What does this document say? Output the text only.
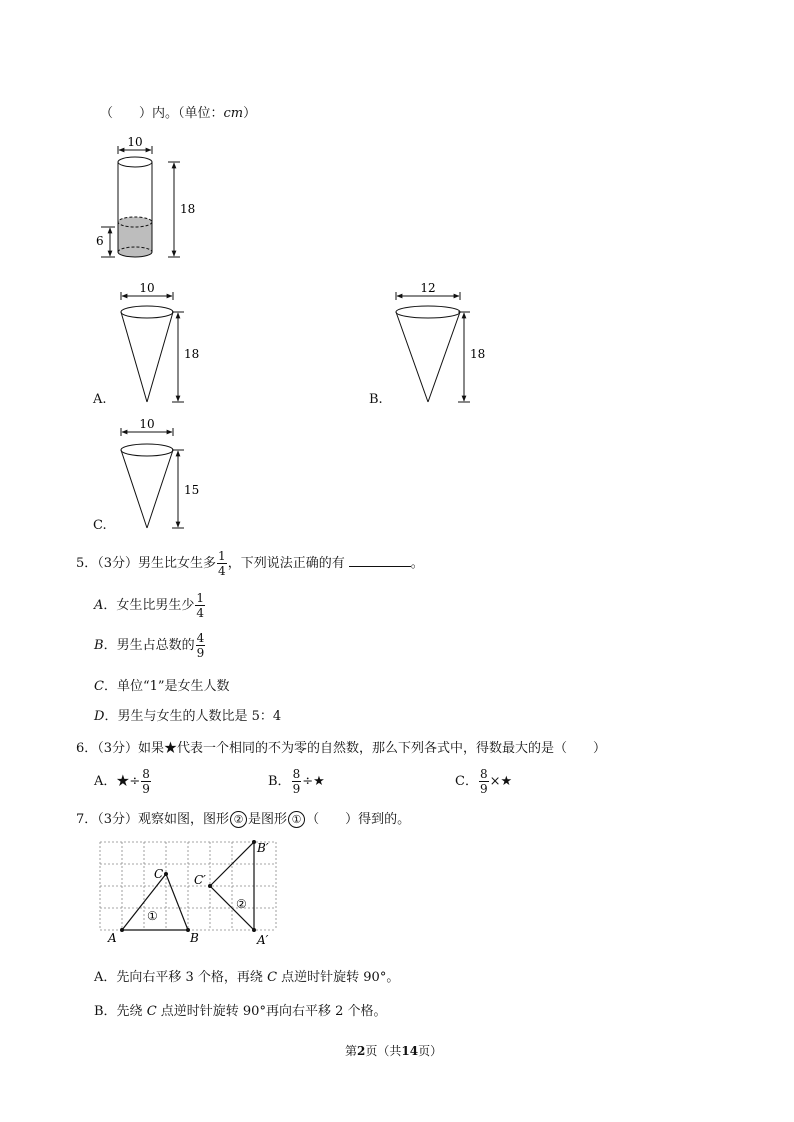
（　　）内。（单位：cm）
10
18
6
A.
10
18
B.
12
18
C.
10
15
5．（3分）男生比女生多 $\frac{1}{4}$ ，下列说法正确的有	。
A．女生比男生少 $\frac{1}{4}$
B．男生占总数的 $\frac{4}{9}$
C．单位“1”是女生人数
D．男生与女生的人数比是 5：4
6．（3分）如果★代表一个相同的不为零的自然数，那么下列各式中，得数最大的是（　　）
A．★÷ $\frac{8}{9}$	B． $\frac{8}{9}$ ÷★	C． $\frac{8}{9}$ ×★
7．（3分）观察如图，图形 ② 是图形 ① （　　）得到的。
A	B
C	C′
B′
A′
①
②
A．先向右平移 3 个格，再绕 C 点逆时针旋转 90°。
B．先绕 C 点逆时针旋转 90°再向右平移 2 个格。
第2页（共14页）
